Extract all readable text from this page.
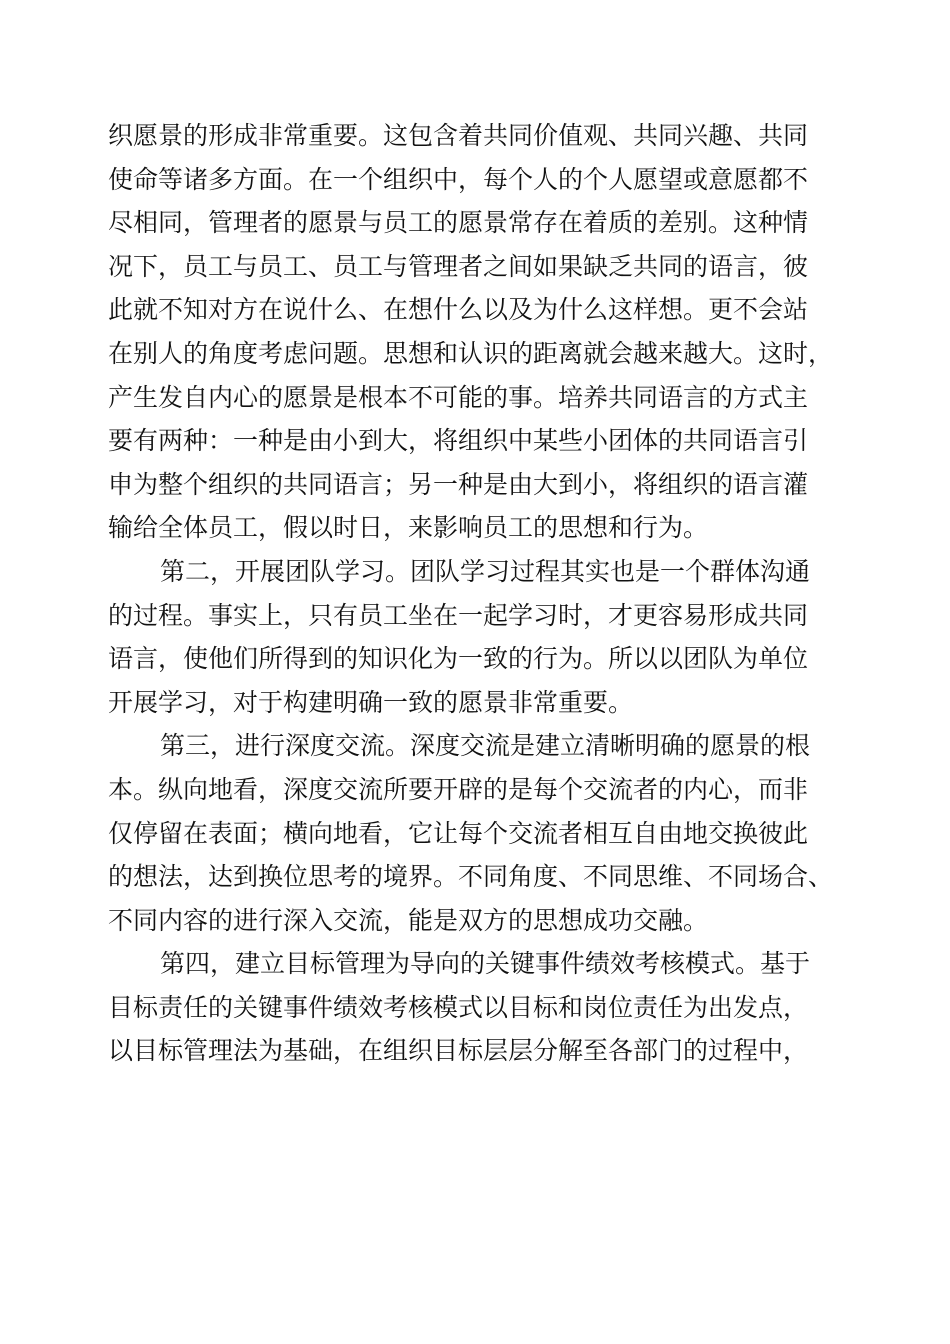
织愿景的形成非常重要。这包含着共同价值观、共同兴趣、共同
使命等诸多方面。在一个组织中，每个人的个人愿望或意愿都不
尽相同，管理者的愿景与员工的愿景常存在着质的差别。这种情
况下，员工与员工、员工与管理者之间如果缺乏共同的语言，彼
此就不知对方在说什么、在想什么以及为什么这样想。更不会站
在别人的角度考虑问题。思想和认识的距离就会越来越大。这时，
产生发自内心的愿景是根本不可能的事。培养共同语言的方式主
要有两种：一种是由小到大，将组织中某些小团体的共同语言引
申为整个组织的共同语言；另一种是由大到小，将组织的语言灌
输给全体员工，假以时日，来影响员工的思想和行为。
第二，开展团队学习。团队学习过程其实也是一个群体沟通
的过程。事实上，只有员工坐在一起学习时，才更容易形成共同
语言，使他们所得到的知识化为一致的行为。所以以团队为单位
开展学习，对于构建明确一致的愿景非常重要。
第三，进行深度交流。深度交流是建立清晰明确的愿景的根
本。纵向地看，深度交流所要开辟的是每个交流者的内心，而非
仅停留在表面；横向地看，它让每个交流者相互自由地交换彼此
的想法，达到换位思考的境界。不同角度、不同思维、不同场合、
不同内容的进行深入交流，能是双方的思想成功交融。
第四，建立目标管理为导向的关键事件绩效考核模式。基于
目标责任的关键事件绩效考核模式以目标和岗位责任为出发点，
以目标管理法为基础，在组织目标层层分解至各部门的过程中，
